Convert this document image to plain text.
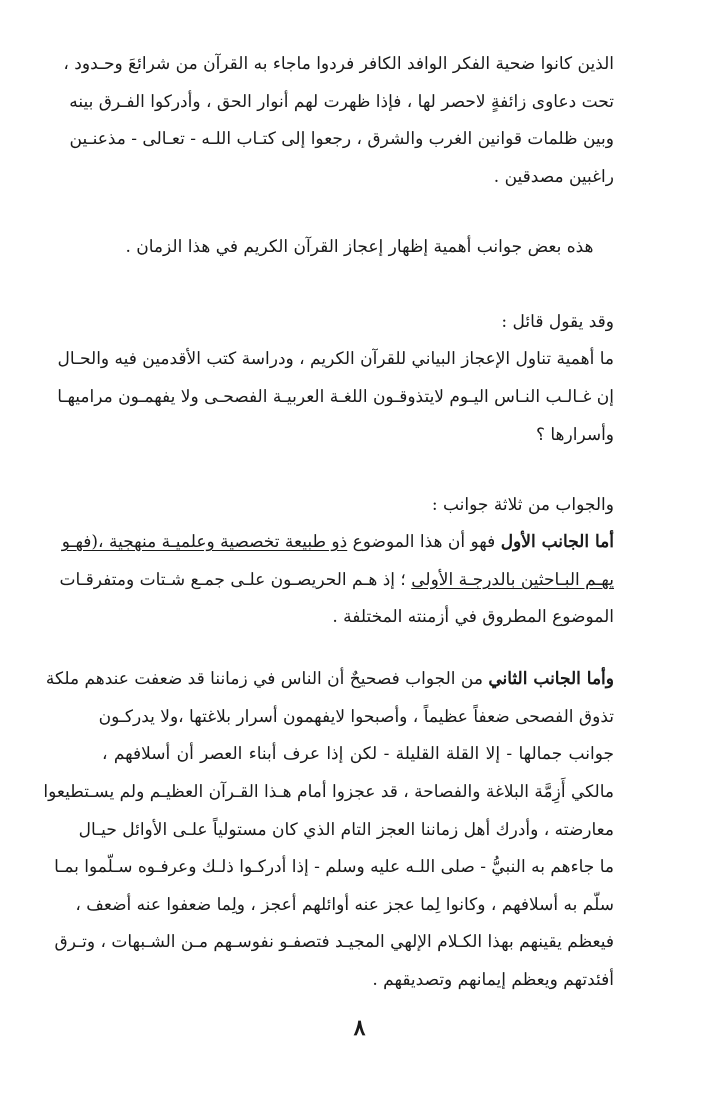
الذين كانوا ضحية الفكر الوافد الكافر فردوا ماجاء به القرآن من شرائعَ وحـدود ،
تحت دعاوى زائفةٍ لاحصر لها ، فإذا ظهرت لهم أنوار الحق ، وأدركوا الفـرق بينه
وبين ظلمات قوانين الغرب والشرق ، رجعوا إلى كتـاب اللـه - تعـالى - مذعنـين
راغبين مصدقين .
هذه بعض جوانب أهمية إظهار إعجاز القرآن الكريم في هذا الزمان .
وقد يقول قائل :
ما أهمية تناول الإعجاز البياني للقرآن الكريم ، ودراسة كتب الأقدمين فيه والحـال
إن غـالـب النـاس اليـوم لايتذوقـون اللغـة العربيـة الفصحـى ولا يفهمـون مراميهـا
وأسرارها ؟
والجواب من ثلاثة جوانب :
أما الجانب الأول فهو أن هذا الموضوع ذو طبيعة تخصصية وعلميـة منهجية ،(فهـو
يهـم البـاحثين بالدرجـة الأولى ؛ إذ هـم الحريصـون علـى جمـع شـتات ومتفرقـات
الموضوع المطروق في أزمنته المختلفة .
وأما الجانب الثاني من الجواب فصحيحٌ أن الناس في زماننا قد ضعفت عندهم ملكة
تذوق الفصحى ضعفاً عظيماً ، وأصبحوا لايفهمون أسرار بلاغتها ،ولا يدركـون
جوانب جمالها - إلا القلة القليلة - لكن إذا عرف أبناء العصر أن أسلافهم ،
مالكي أَزِمَّة البلاغة والفصاحة ، قد عجزوا أمام هـذا القـرآن العظيـم ولم يسـتطيعوا
معارضته ، وأدرك أهل زماننا العجز التام الذي كان مستولياً علـى الأوائل حيـال
ما جاءهم به النبيُّ - صلى اللـه عليه وسلم - إذا أدركـوا ذلـك وعرفـوه سـلّموا بمـا
سلّم به أسلافهم ، وكانوا لِما عجز عنه أوائلهم أعجز ، ولِما ضعفوا عنه أضعف ،
فيعظم يقينهم بهذا الكـلام الإلهي المجيـد فتصفـو نفوسـهم مـن الشـبهات ، وتـرق
أفئدتهم ويعظم إيمانهم وتصديقهم .
٨
